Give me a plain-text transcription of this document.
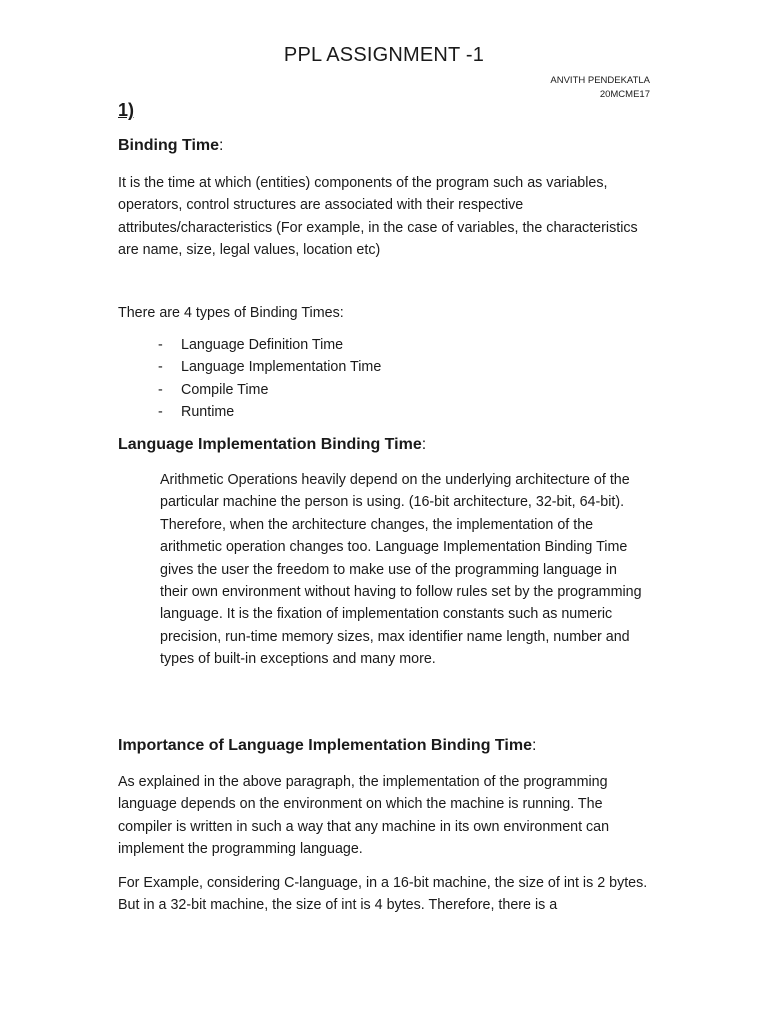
PPL ASSIGNMENT -1
ANVITH PENDEKATLA
20MCME17
1)
Binding Time:
It is the time at which (entities) components of the program such as variables, operators, control structures are associated with their respective attributes/characteristics (For example, in the case of variables, the characteristics are name, size, legal values, location etc)
There are 4 types of Binding Times:
- Language Definition Time
- Language Implementation Time
- Compile Time
- Runtime
Language Implementation Binding Time:
Arithmetic Operations heavily depend on the underlying architecture of the particular machine the person is using. (16-bit architecture, 32-bit, 64-bit). Therefore, when the architecture changes, the implementation of the arithmetic operation changes too. Language Implementation Binding Time gives the user the freedom to make use of the programming language in their own environment without having to follow rules set by the programming language. It is the fixation of implementation constants such as numeric precision, run-time memory sizes, max identifier name length, number and types of built-in exceptions and many more.
Importance of Language Implementation Binding Time:
As explained in the above paragraph, the implementation of the programming language depends on the environment on which the machine is running. The compiler is written in such a way that any machine in its own environment can implement the programming language.
For Example, considering C-language, in a 16-bit machine, the size of int is 2 bytes. But in a 32-bit machine, the size of int is 4 bytes. Therefore, there is a
